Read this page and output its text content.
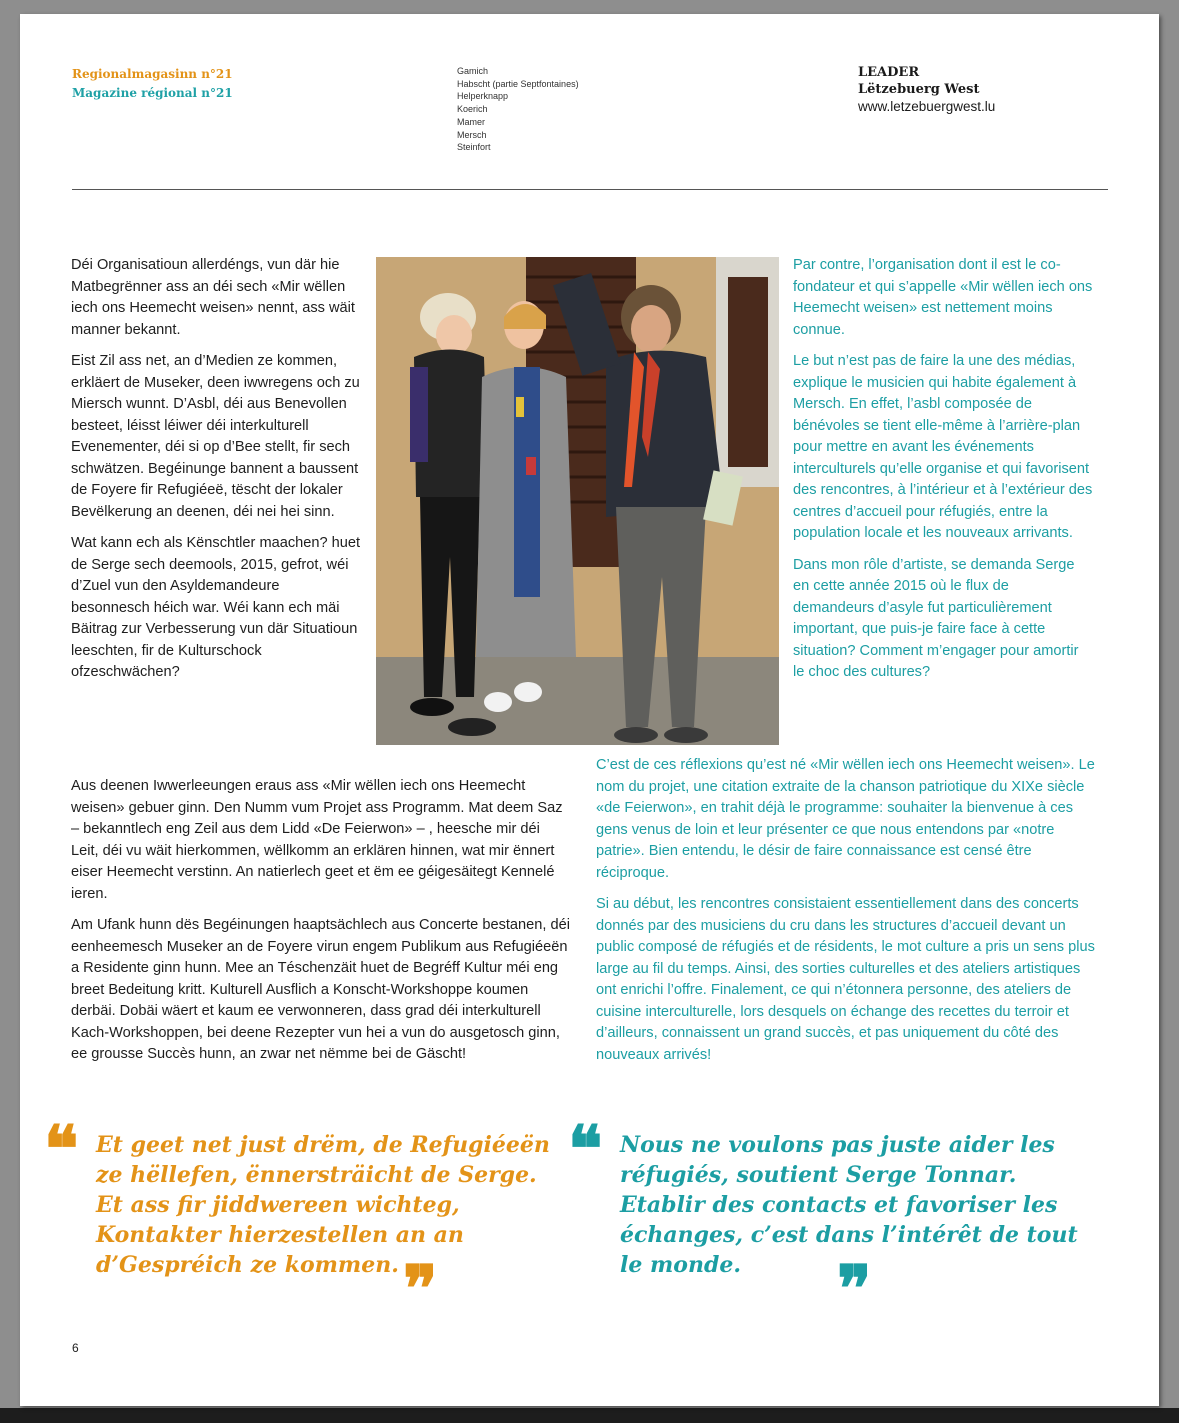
Regionalmagasinn n°21
Magazine régional n°21
Gamich
Habscht (partie Septfontaines)
Helperknapp
Koerich
Mamer
Mersch
Steinfort
LEADER
Lëtzebuerg West
www.letzebuergwest.lu

Déi Organisatioun allerdéngs, vun där hie Matbegrënner ass an déi sech «Mir wëllen iech ons Heemecht weisen» nennt, ass wäit manner bekannt.

Eist Zil ass net, an d’Medien ze kommen, erkläert de Museker, deen iwwregens och zu Miersch wunnt. D’Asbl, déi aus Benevollen besteet, léisst léiwer déi interkulturell Evenementer, déi si op d’Bee stellt, fir sech schwätzen. Begéinunge bannent a baussent de Foyere fir Refugiéeë, tëscht der lokaler Bevëlkerung an deenen, déi nei hei sinn.

Wat kann ech als Kënschtler maachen? huet de Serge sech deemools, 2015, gefrot, wéi d’Zuel vun den Asyldemandeure besonnesch héich war. Wéi kann ech mäi Bäitrag zur Verbesserung vun där Situatioun leeschten, fir de Kulturschock ofzeschwächen?

Par contre, l’organisation dont il est le co-fondateur et qui s’appelle «Mir wëllen iech ons Heemecht weisen» est nettement moins connue.

Le but n’est pas de faire la une des médias, explique le musicien qui habite également à Mersch. En effet, l’asbl composée de bénévoles se tient elle-même à l’arrière-plan pour mettre en avant les événements interculturels qu’elle organise et qui favorisent des rencontres, à l’intérieur et à l’extérieur des centres d’accueil pour réfugiés, entre la population locale et les nouveaux arrivants.

Dans mon rôle d’artiste, se demanda Serge en cette année 2015 où le flux de demandeurs d’asyle fut particulièrement important, que puis-je faire face à cette situation? Comment m’engager pour amortir le choc des cultures?

Aus deenen Iwwerleeungen eraus ass «Mir wëllen iech ons Heemecht weisen» gebuer ginn. Den Numm vum Projet ass Programm. Mat deem Saz – bekanntlech eng Zeil aus dem Lidd «De Feierwon» – , heesche mir déi Leit, déi vu wäit hierkommen, wëllkomm an erklären hinnen, wat mir ënnert eiser Heemecht verstinn. An natierlech geet et ëm ee géigesäitegt Kennelé ieren.

Am Ufank hunn dës Begéinungen haaptsächlech aus Concerte bestanen, déi eenheemesch Museker an de Foyere virun engem Publikum aus Refugiéeën a Residente ginn hunn. Mee an Téschenzäit huet de Begréff Kultur méi eng breet Bedeitung kritt. Kulturell Ausflich a Konscht-Workshoppe koumen derbäi. Dobäi wäert et kaum ee verwonneren, dass grad déi interkulturell Kach-Workshoppen, bei deene Rezepter vun hei a vun do ausgetosch ginn, ee grousse Succès hunn, an zwar net nëmme bei de Gäscht!

C’est de ces réflexions qu’est né «Mir wëllen iech ons Heemecht weisen». Le nom du projet, une citation extraite de la chanson patriotique du XIXe siècle «de Feierwon», en trahit déjà le programme: souhaiter la bienvenue à ces gens venus de loin et leur présenter ce que nous entendons par «notre patrie». Bien entendu, le désir de faire connaissance est censé être réciproque.

Si au début, les rencontres consistaient essentiellement dans des concerts donnés par des musiciens du cru dans les structures d’accueil devant un public composé de réfugiés et de résidents, le mot culture a pris un sens plus large au fil du temps. Ainsi, des sorties culturelles et des ateliers artistiques ont enrichi l’offre. Finalement, ce qui n’étonnera personne, des ateliers de cuisine interculturelle, lors desquels on échange des recettes du terroir et d’ailleurs, connaissent un grand succès, et pas uniquement du côté des nouveaux arrivés!

❝ Et geet net just drëm, de Refugiéeën ze hëllefen, ënnersträicht de Serge. Et ass fir jiddwereen wichteg, Kontakter hierzestellen an an d’Gespréich ze kommen. ❞
❝ Nous ne voulons pas juste aider les réfugiés, soutient Serge Tonnar. Etablir des contacts et favoriser les échanges, c’est dans l’intérêt de tout le monde.	❞
6
